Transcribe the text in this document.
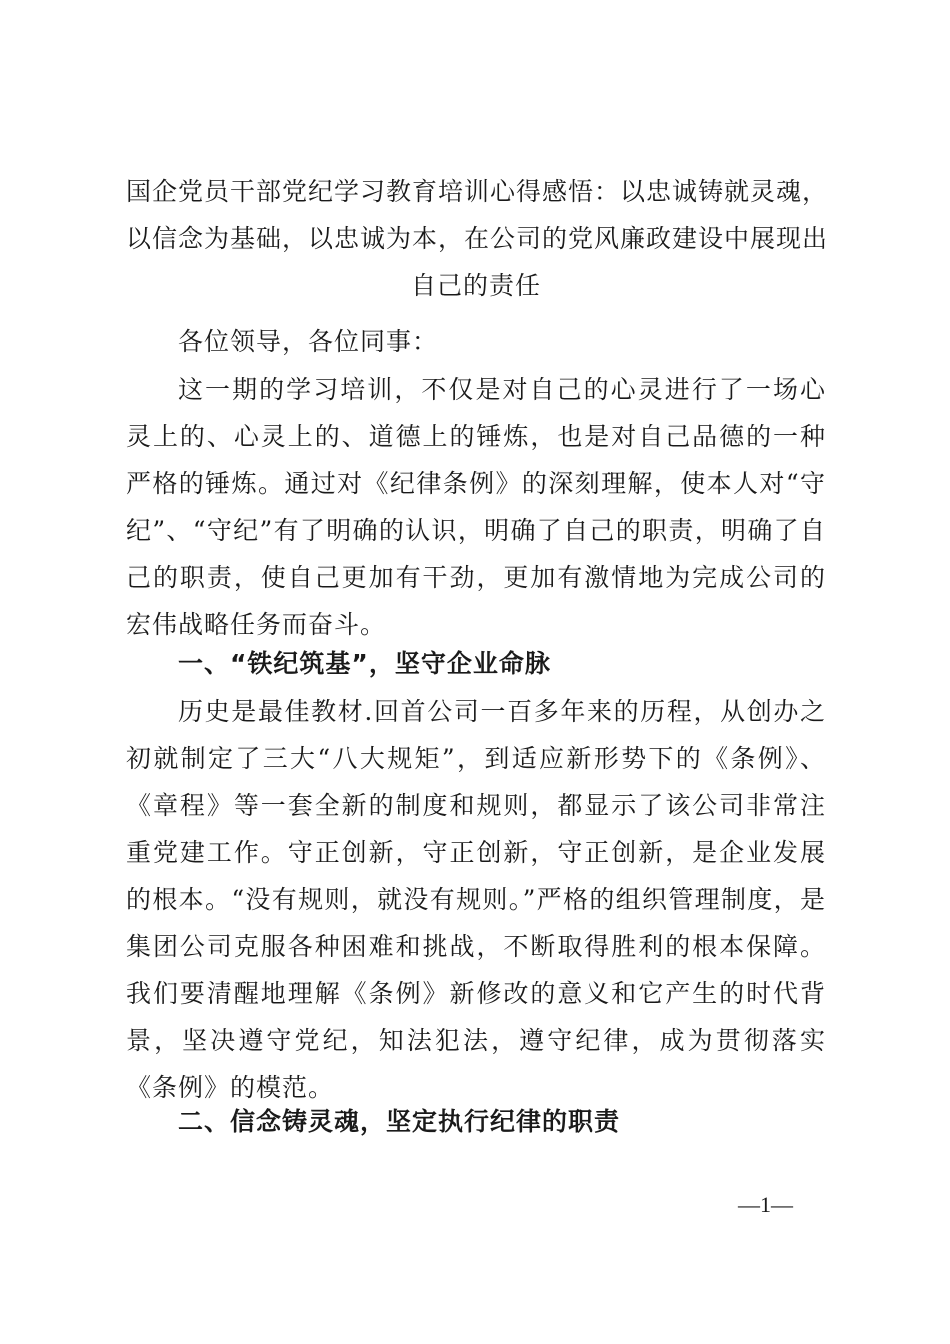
国企党员干部党纪学习教育培训心得感悟：以忠诚铸就灵魂，
以信念为基础，以忠诚为本，在公司的党风廉政建设中展现出
自己的责任

各位领导，各位同事：

这一期的学习培训，不仅是对自己的心灵进行了一场心灵上的、心灵上的、道德上的锤炼，也是对自己品德的一种严格的锤炼。通过对《纪律条例》的深刻理解，使本人对“守纪”、“守纪”有了明确的认识，明确了自己的职责，明确了自己的职责，使自己更加有干劲，更加有激情地为完成公司的宏伟战略任务而奋斗。

一、“铁纪筑基”，坚守企业命脉

历史是最佳教材.回首公司一百多年来的历程，从创办之初就制定了三大“八大规矩”，到适应新形势下的《条例》、《章程》等一套全新的制度和规则，都显示了该公司非常注重党建工作。守正创新，守正创新，守正创新，是企业发展的根本。“没有规则，就没有规则。”严格的组织管理制度，是集团公司克服各种困难和挑战，不断取得胜利的根本保障。我们要清醒地理解《条例》新修改的意义和它产生的时代背景，坚决遵守党纪，知法犯法，遵守纪律，成为贯彻落实《条例》的模范。

二、信念铸灵魂，坚定执行纪律的职责
—1—
